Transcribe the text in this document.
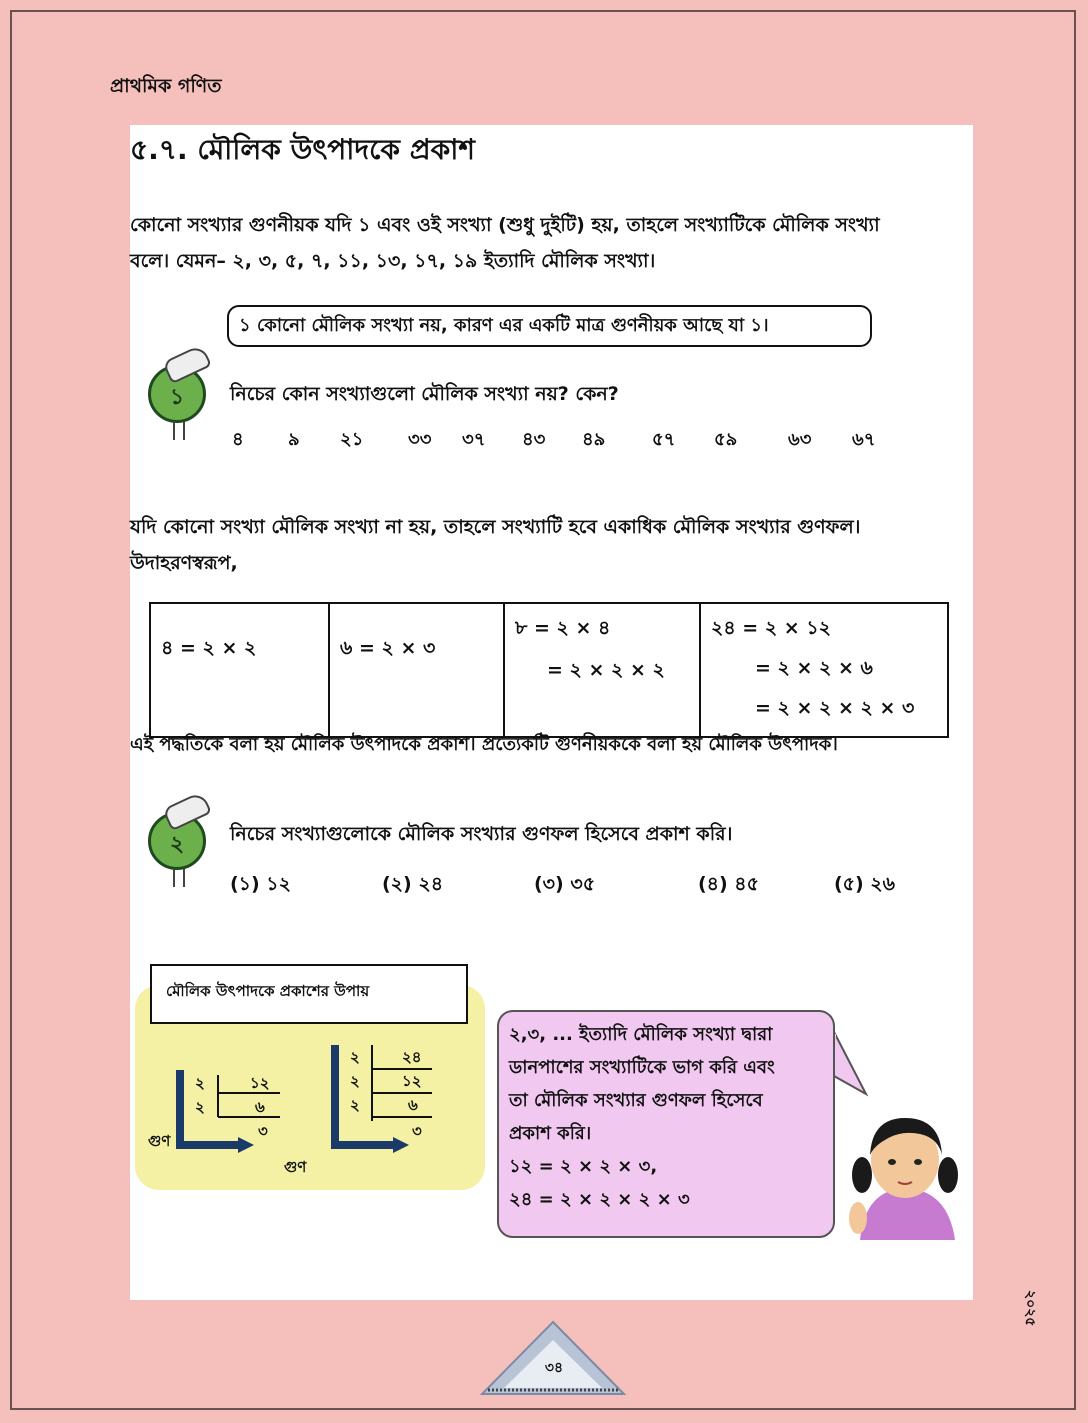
প্রাথমিক গণিত
৫.৭. মৌলিক উৎপাদকে প্রকাশ
কোনো সংখ্যার গুণনীয়ক যদি ১ এবং ওই সংখ্যা (শুধু দুইটি) হয়, তাহলে সংখ্যাটিকে মৌলিক সংখ্যা
বলে। যেমন– ২, ৩, ৫, ৭, ১১, ১৩, ১৭, ১৯ ইত্যাদি মৌলিক সংখ্যা।
১ কোনো মৌলিক সংখ্যা নয়, কারণ এর একটি মাত্র গুণনীয়ক আছে যা ১।
১	নিচের কোন সংখ্যাগুলো মৌলিক সংখ্যা নয়? কেন?
৪ ৯ ২১ ৩৩ ৩৭ ৪৩ ৪৯	৫৭ ৫৯	৬৩ ৬৭
যদি কোনো সংখ্যা মৌলিক সংখ্যা না হয়, তাহলে সংখ্যাটি হবে একাধিক মৌলিক সংখ্যার গুণফল।
উদাহরণস্বরূপ,
৪ = ২ × ২	৬ = ২ × ৩

৮ = ২ × ৪
= ২ × ২ × ২

২৪ = ২ × ১২
= ২ × ২ × ৬
= ২ × ২ × ২ × ৩
এই পদ্ধতিকে বলা হয় মৌলিক উৎপাদকে প্রকাশ। প্রত্যেকটি গুণনীয়ককে বলা হয় মৌলিক উৎপাদক।
২	নিচের সংখ্যাগুলোকে মৌলিক সংখ্যার গুণফল হিসেবে প্রকাশ করি।
(১) ১২	(২) ২৪	(৩) ৩৫	(৪) ৪৫	(৫) ২৬
মৌলিক উৎপাদকে প্রকাশের উপায়
২	১২
২	৬
৩
গুণ
২	২৪
২	১২
২	৬
৩
গুণ
২,৩, ... ইত্যাদি মৌলিক সংখ্যা দ্বারা
ডানপাশের সংখ্যাটিকে ভাগ করি এবং
তা মৌলিক সংখ্যার গুণফল হিসেবে
প্রকাশ করি।
১২ = ২ × ২ × ৩,
২৪ = ২ × ২ × ২ × ৩
৩৪
২০২৫
